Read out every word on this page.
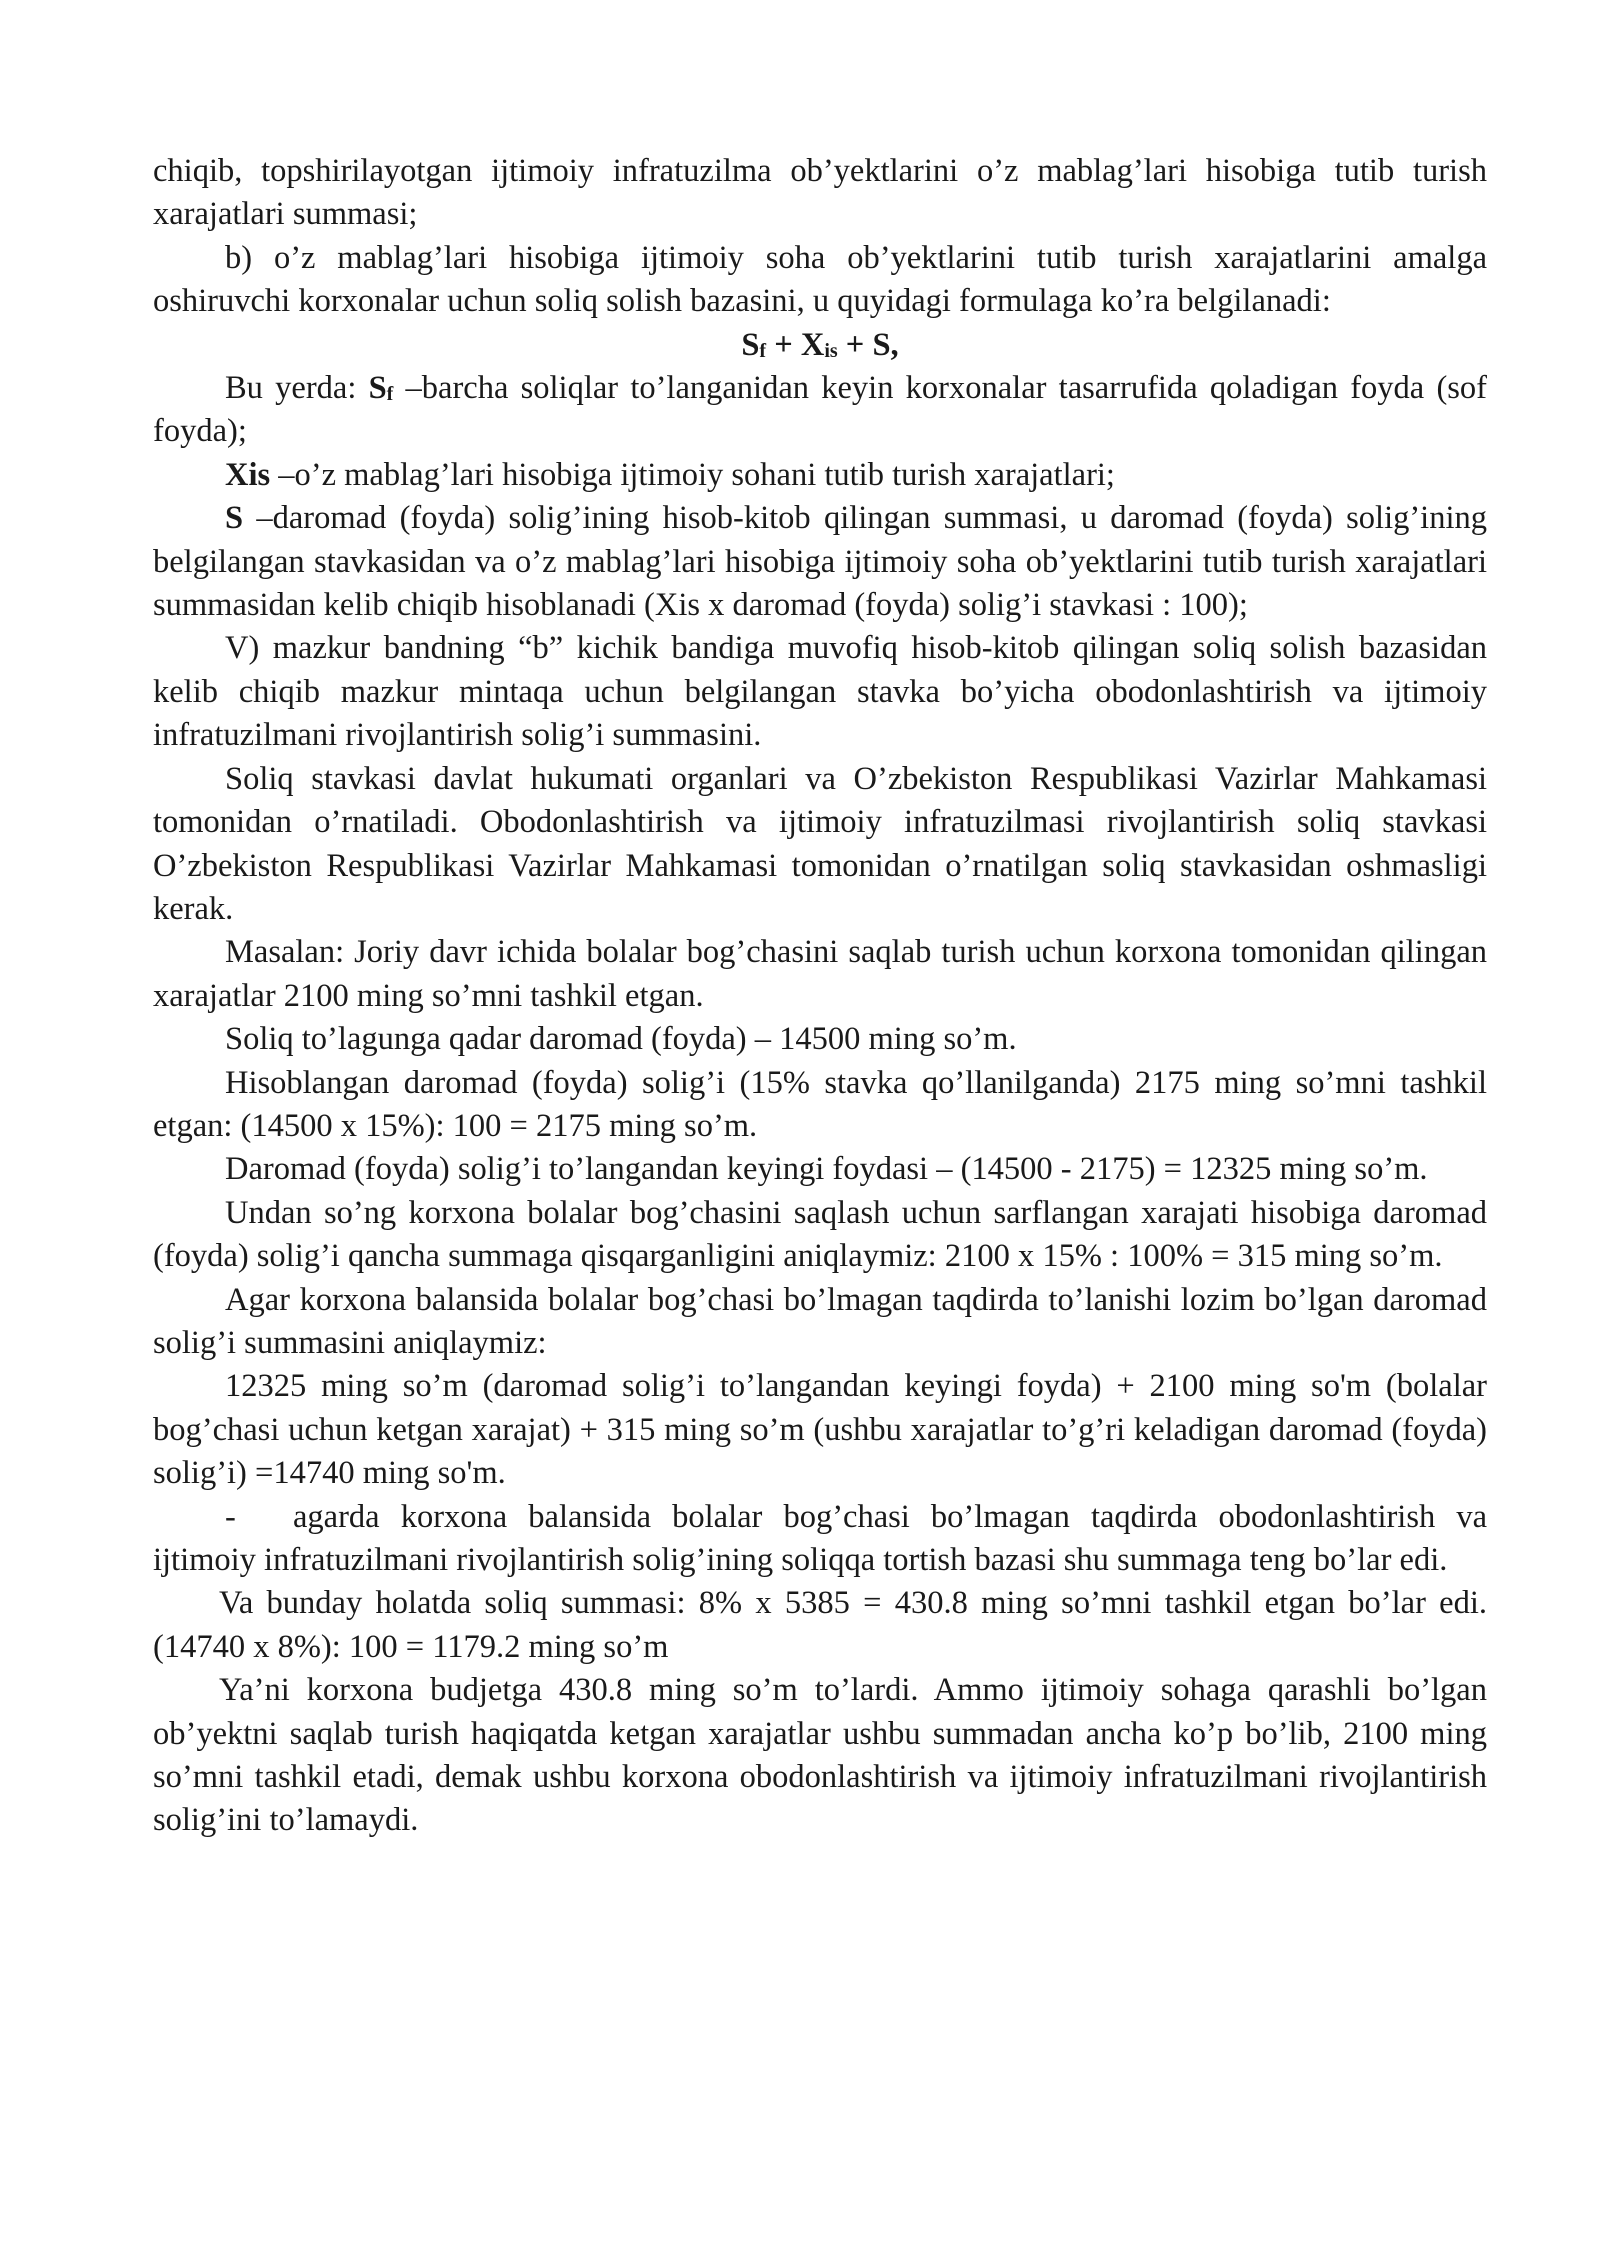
chiqib, topshirilayotgan ijtimoiy infratuzilma ob’yektlarini o’z mablag’lari hisobiga tutib turish xarajatlari summasi;

b) o’z mablag’lari hisobiga ijtimoiy soha ob’yektlarini tutib turish xarajatlarini amalga oshiruvchi korxonalar uchun soliq solish bazasini, u quyidagi formulaga ko’ra belgilanadi:

$S_f + X_{is} + S$,

Bu yerda: $S_f$ –barcha soliqlar to’langanidan keyin korxonalar tasarrufida qoladigan foyda (sof foyda);

Xis –o’z mablag’lari hisobiga ijtimoiy sohani tutib turish xarajatlari;

S –daromad (foyda) solig’ining hisob-kitob qilingan summasi, u daromad (foyda) solig’ining belgilangan stavkasidan va o’z mablag’lari hisobiga ijtimoiy soha ob’yektlarini tutib turish xarajatlari summasidan kelib chiqib hisoblanadi (Xis x daromad (foyda) solig’i stavkasi : 100);

V) mazkur bandning “b” kichik bandiga muvofiq hisob-kitob qilingan soliq solish bazasidan kelib chiqib mazkur mintaqa uchun belgilangan stavka bo’yicha obodonlashtirish va ijtimoiy infratuzilmani rivojlantirish solig’i summasini.

Soliq stavkasi davlat hukumati organlari va O’zbekiston Respublikasi Vazirlar Mahkamasi tomonidan o’rnatiladi. Obodonlashtirish va ijtimoiy infratuzilmasi rivojlantirish soliq stavkasi O’zbekiston Respublikasi Vazirlar Mahkamasi tomonidan o’rnatilgan soliq stavkasidan oshmasligi kerak.

Masalan: Joriy davr ichida bolalar bog’chasini saqlab turish uchun korxona tomonidan qilingan xarajatlar 2100 ming so’mni tashkil etgan.

Soliq to’lagunga qadar daromad (foyda) – 14500 ming so’m.

Hisoblangan daromad (foyda) solig’i (15% stavka qo’llanilganda) 2175 ming so’mni tashkil etgan: (14500 x 15%): 100 = 2175 ming so’m.

Daromad (foyda) solig’i to’langandan keyingi foydasi – (14500 - 2175) = 12325 ming so’m.

Undan so’ng korxona bolalar bog’chasini saqlash uchun sarflangan xarajati hisobiga daromad (foyda) solig’i qancha summaga qisqarganligini aniqlaymiz: 2100 x 15% : 100% = 315 ming so’m.

Agar korxona balansida bolalar bog’chasi bo’lmagan taqdirda to’lanishi lozim bo’lgan daromad solig’i summasini aniqlaymiz:

12325 ming so’m (daromad solig’i to’langandan keyingi foyda) + 2100 ming so'm (bolalar bog’chasi uchun ketgan xarajat) + 315 ming so’m (ushbu xarajatlar to’g’ri keladigan daromad (foyda) solig’i) =14740 ming so'm.

- agarda korxona balansida bolalar bog’chasi bo’lmagan taqdirda obodonlashtirish va ijtimoiy infratuzilmani rivojlantirish solig’ining soliqqa tortish bazasi shu summaga teng bo’lar edi.

Va bunday holatda soliq summasi: 8% x 5385 = 430.8 ming so’mni tashkil etgan bo’lar edi. (14740 x 8%): 100 = 1179.2 ming so’m

Ya’ni korxona budjetga 430.8 ming so’m to’lardi. Ammo ijtimoiy sohaga qarashli bo’lgan ob’yektni saqlab turish haqiqatda ketgan xarajatlar ushbu summadan ancha ko’p bo’lib, 2100 ming so’mni tashkil etadi, demak ushbu korxona obodonlashtirish va ijtimoiy infratuzilmani rivojlantirish solig’ini to’lamaydi.
